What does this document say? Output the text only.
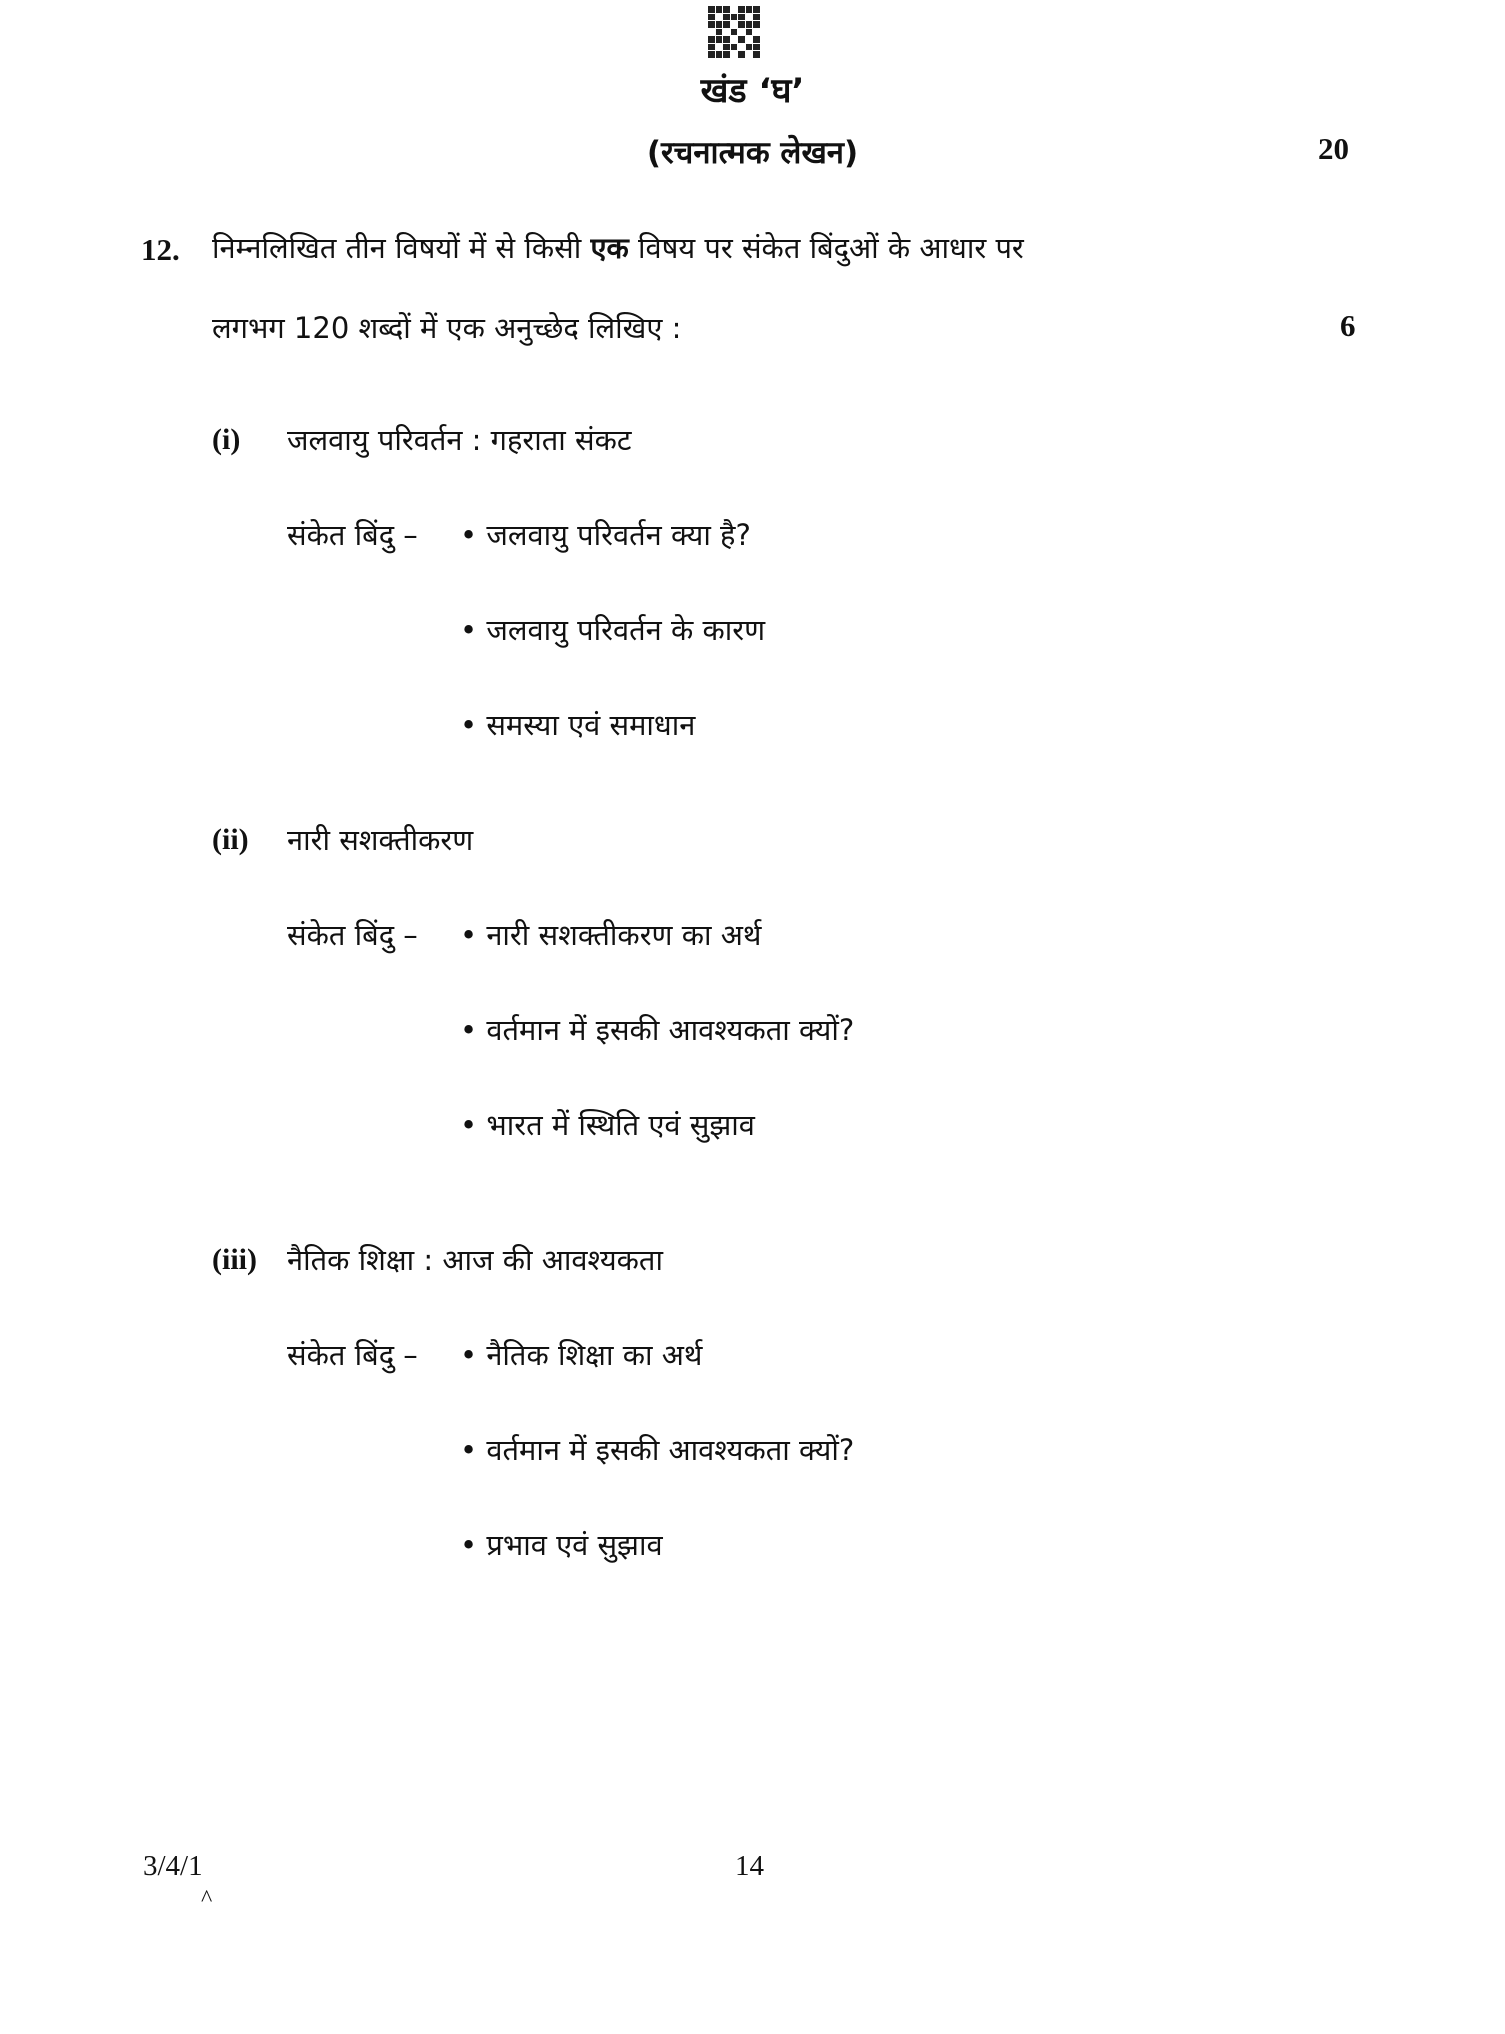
खंड ‘घ’
(रचनात्मक लेखन)	20
12. निम्नलिखित तीन विषयों में से किसी एक विषय पर संकेत बिंदुओं के आधार पर
लगभग 120 शब्दों में एक अनुच्छेद लिखिए :	6
(i) जलवायु परिवर्तन : गहराता संकट
संकेत बिंदु – • जलवायु परिवर्तन क्या है?
• जलवायु परिवर्तन के कारण
• समस्या एवं समाधान
(ii) नारी सशक्तीकरण
संकेत बिंदु – • नारी सशक्तीकरण का अर्थ
• वर्तमान में इसकी आवश्यकता क्यों?
• भारत में स्थिति एवं सुझाव
(iii) नैतिक शिक्षा : आज की आवश्यकता
संकेत बिंदु – • नैतिक शिक्षा का अर्थ
• वर्तमान में इसकी आवश्यकता क्यों?
• प्रभाव एवं सुझाव
3/4/1
^
14
